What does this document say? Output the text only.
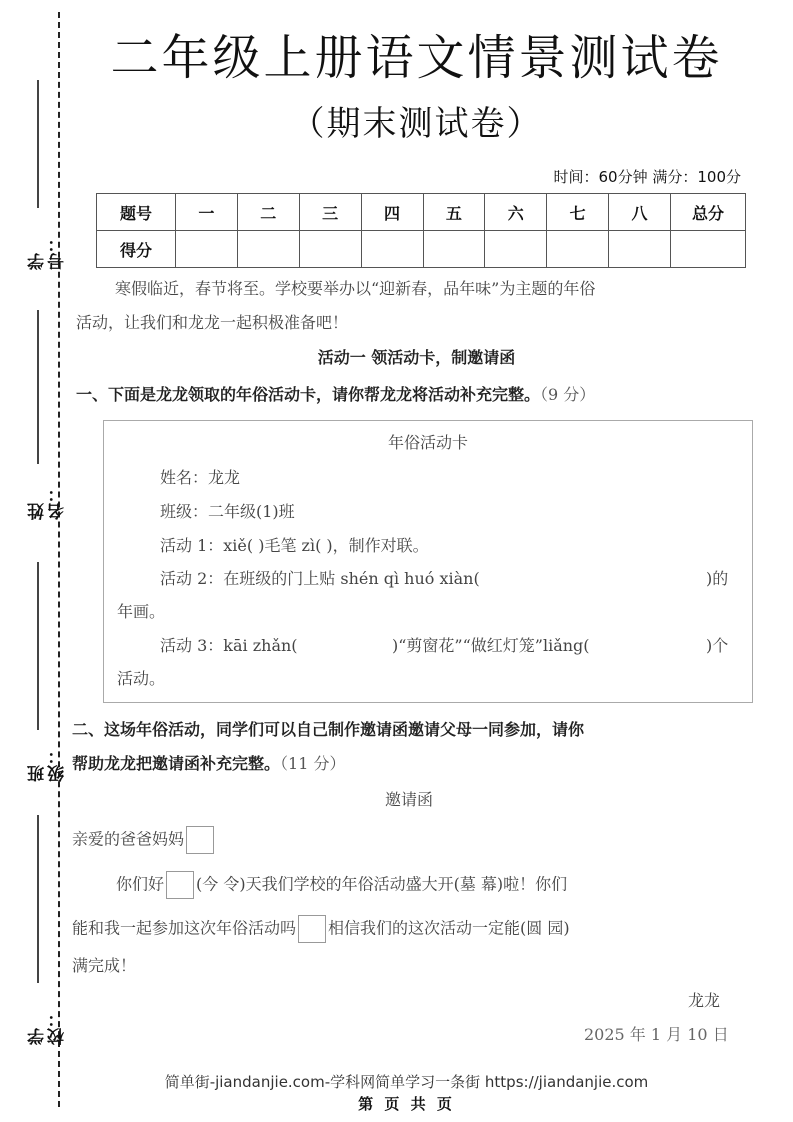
学号：
姓名：
班级：
学校：
二年级上册语文情景测试卷
（期末测试卷）
时间：60分钟 满分：100分
题号	一	二	三	四	五	六	七	八	总分
得分									
寒假临近，春节将至。学校要举办以“迎新春，品年味”为主题的年俗
活动，让我们和龙龙一起积极准备吧！
活动一 领活动卡，制邀请函
一、下面是龙龙领取的年俗活动卡，请你帮龙龙将活动补充完整。（9 分）
年俗活动卡
姓名：龙龙
班级：二年级(1)班
活动 1：xiě( )毛笔 zì( )，制作对联。
活动 2：在班级的门上贴 shén qì huó xiàn(	)的
年画。
活动 3：kāi zhǎn(	)“剪窗花”“做红灯笼”liǎng(	)个
活动。
二、这场年俗活动，同学们可以自己制作邀请函邀请父母一同参加，请你
帮助龙龙把邀请函补充完整。（11 分）
邀请函
亲爱的爸爸妈妈
你们好 (今 令)天我们学校的年俗活动盛大开(墓 幕)啦！你们
能和我一起参加这次年俗活动吗 相信我们的这次活动一定能(圆 园)
满完成！
龙龙
2025 年 1 月 10 日
简单街-jiandanjie.com-学科网简单学习一条街 https://jiandanjie.com
第 页 共 页
